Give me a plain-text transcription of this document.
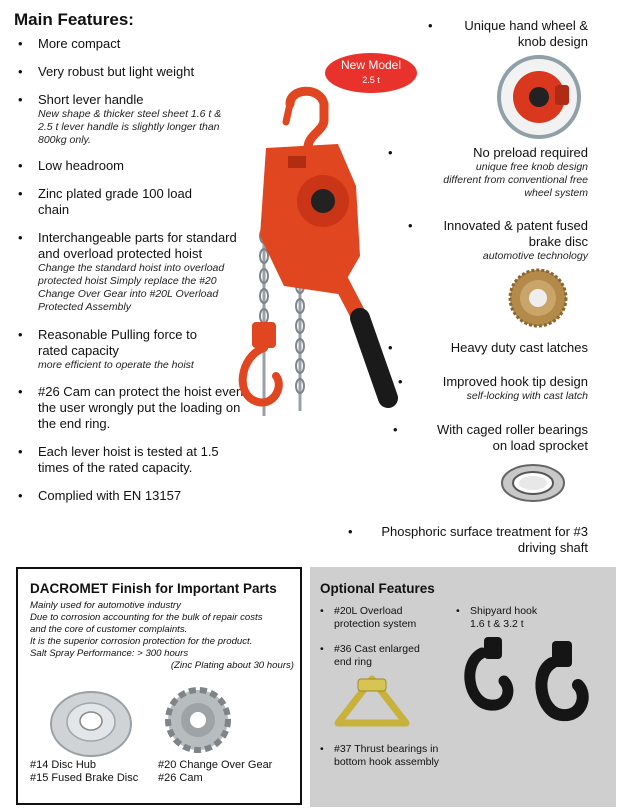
Main Features:
• More compact
• Very robust but light weight
• Short lever handle
New shape & thicker steel sheet 1.6 t & 2.5 t lever handle is slightly longer than 800kg only.
• Low headroom
• Zinc plated grade 100 load chain
• Interchangeable parts for standard and overload protected hoist
Change the standard hoist into overload protected hoist Simply replace the #20 Change Over Gear into #20L Overload Protected Assembly
• Reasonable Pulling force to rated capacity
more efficient to operate the hoist
• #26 Cam can protect the hoist even the user wrongly put the loading on the end ring.
• Each lever hoist is tested at 1.5 times of the rated capacity.
• Complied with EN 13157
New Model
2.5 t
• Unique hand wheel & knob design
•	No preload required
unique free knob design different from conventional free wheel system
• Innovated & patent fused brake disc
automotive technology
•	Heavy duty cast latches
•	Improved hook tip design
self-locking with cast latch
•	With caged roller bearings on load sprocket
• Phosphoric surface treatment for #3 driving shaft
DACROMET Finish for Important Parts
Mainly used for automotive industry
Due to corrosion accounting for the bulk of repair costs
and the core of customer complaints.
It is the superior corrosion protection for the product.
Salt Spray Performance: > 300 hours
(Zinc Plating about 30 hours)
#14 Disc Hub
#15 Fused Brake Disc
#20 Change Over Gear
#26 Cam
Optional Features
• #20L Overload protection system
• #36 Cast enlarged end ring
• #37 Thrust bearings in bottom hook assembly
• Shipyard hook
1.6 t & 3.2 t
